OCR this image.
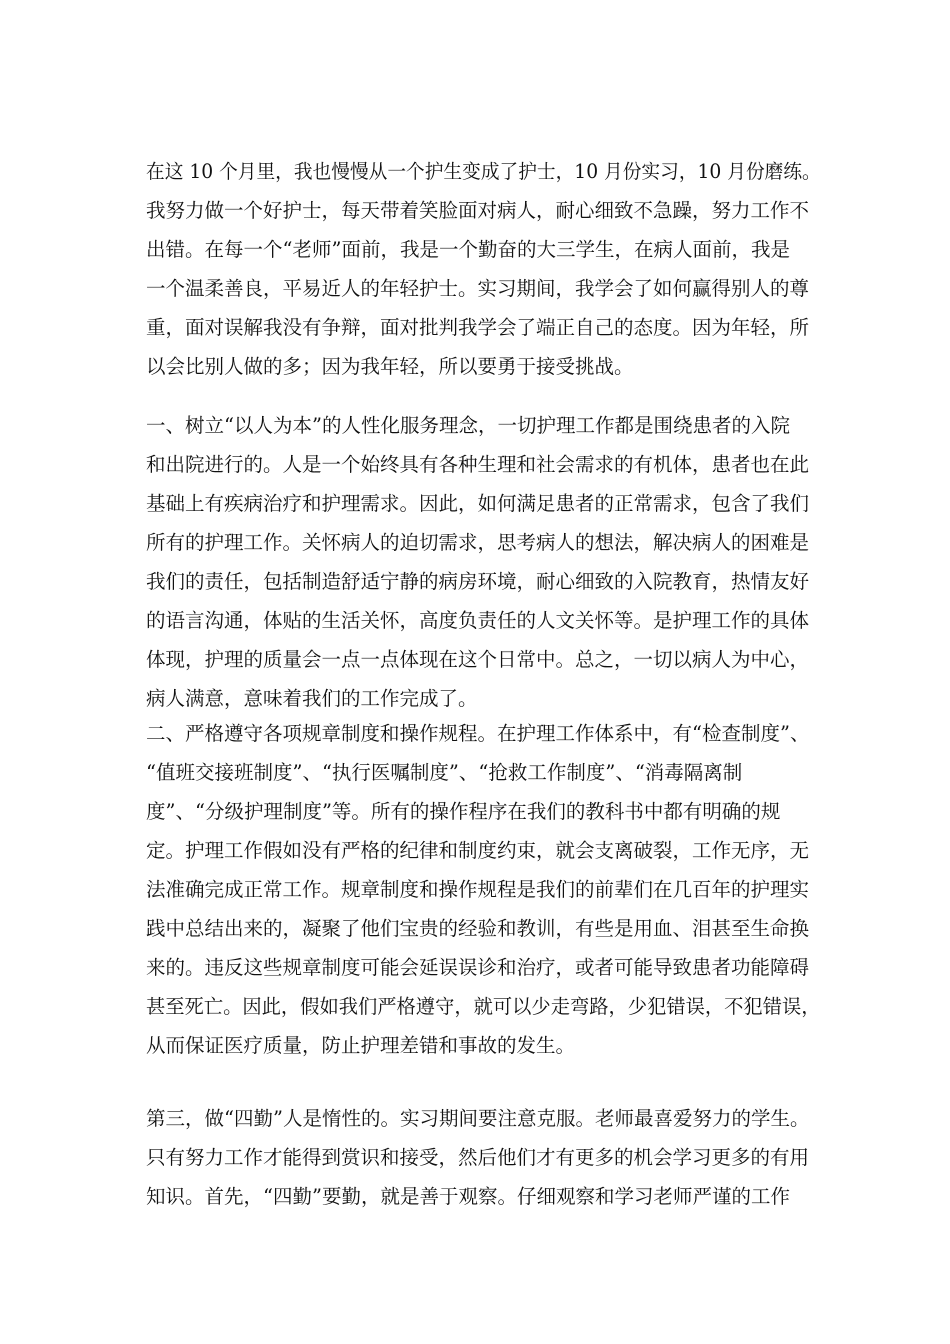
在这 10 个月里，我也慢慢从一个护生变成了护士，10 月份实习，10 月份磨练。
我努力做一个好护士，每天带着笑脸面对病人，耐心细致不急躁，努力工作不
出错。在每一个“老师”面前，我是一个勤奋的大三学生，在病人面前，我是
一个温柔善良，平易近人的年轻护士。实习期间，我学会了如何赢得别人的尊
重，面对误解我没有争辩，面对批判我学会了端正自己的态度。因为年轻，所
以会比别人做的多；因为我年轻，所以要勇于接受挑战。
一、树立“以人为本”的人性化服务理念，一切护理工作都是围绕患者的入院
和出院进行的。人是一个始终具有各种生理和社会需求的有机体，患者也在此
基础上有疾病治疗和护理需求。因此，如何满足患者的正常需求，包含了我们
所有的护理工作。关怀病人的迫切需求，思考病人的想法，解决病人的困难是
我们的责任，包括制造舒适宁静的病房环境，耐心细致的入院教育，热情友好
的语言沟通，体贴的生活关怀，高度负责任的人文关怀等。是护理工作的具体
体现，护理的质量会一点一点体现在这个日常中。总之，一切以病人为中心，
病人满意，意味着我们的工作完成了。
二、严格遵守各项规章制度和操作规程。在护理工作体系中，有“检查制度”、
“值班交接班制度”、“执行医嘱制度”、“抢救工作制度”、“消毒隔离制
度”、“分级护理制度”等。所有的操作程序在我们的教科书中都有明确的规
定。护理工作假如没有严格的纪律和制度约束，就会支离破裂，工作无序，无
法准确完成正常工作。规章制度和操作规程是我们的前辈们在几百年的护理实
践中总结出来的，凝聚了他们宝贵的经验和教训，有些是用血、泪甚至生命换
来的。违反这些规章制度可能会延误误诊和治疗，或者可能导致患者功能障碍
甚至死亡。因此，假如我们严格遵守，就可以少走弯路，少犯错误，不犯错误，
从而保证医疗质量，防止护理差错和事故的发生。
第三，做“四勤”人是惰性的。实习期间要注意克服。老师最喜爱努力的学生。
只有努力工作才能得到赏识和接受，然后他们才有更多的机会学习更多的有用
知识。首先，“四勤”要勤，就是善于观察。仔细观察和学习老师严谨的工作
